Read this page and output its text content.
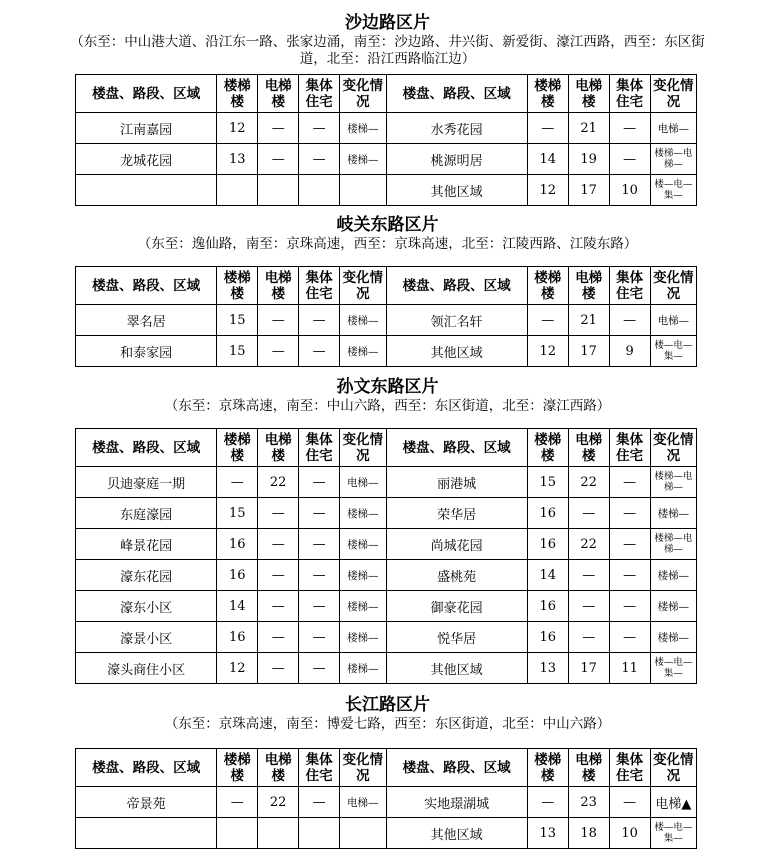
沙边路区片
（东至：中山港大道、沿江东一路、张家边涌，南至：沙边路、井兴街、新爱街、濠江西路，西至：东区街道，北至：沿江西路临江边）
楼盘、路段、区域	楼梯楼	电梯楼	集体住宅	变化情况	楼盘、路段、区域	楼梯楼	电梯楼	集体住宅	变化情况
江南嘉园	12	—	—	楼梯—	水秀花园	—	21	—	电梯—
龙城花园	13	—	—	楼梯—	桃源明居	14	19	—	楼梯—电梯—
					其他区域	12	17	10	楼—电—集—
岐关东路区片
（东至：逸仙路，南至：京珠高速，西至：京珠高速，北至：江陵西路、江陵东路）
楼盘、路段、区域	楼梯楼	电梯楼	集体住宅	变化情况	楼盘、路段、区域	楼梯楼	电梯楼	集体住宅	变化情况
翠名居	15	—	—	楼梯—	领汇名轩	—	21	—	电梯—
和泰家园	15	—	—	楼梯—	其他区域	12	17	9	楼—电—集—
孙文东路区片
（东至：京珠高速，南至：中山六路，西至：东区街道，北至：濠江西路）
楼盘、路段、区域	楼梯楼	电梯楼	集体住宅	变化情况	楼盘、路段、区域	楼梯楼	电梯楼	集体住宅	变化情况
贝迪豪庭一期	—	22	—	电梯—	丽港城	15	22	—	楼梯—电梯—
东庭濠园	15	—	—	楼梯—	荣华居	16	—	—	楼梯—
峰景花园	16	—	—	楼梯—	尚城花园	16	22	—	楼梯—电梯—
濠东花园	16	—	—	楼梯—	盛桃苑	14	—	—	楼梯—
濠东小区	14	—	—	楼梯—	御豪花园	16	—	—	楼梯—
濠景小区	16	—	—	楼梯—	悦华居	16	—	—	楼梯—
濠头商住小区	12	—	—	楼梯—	其他区域	13	17	11	楼—电—集—
长江路区片
（东至：京珠高速，南至：博爱七路，西至：东区街道，北至：中山六路）
楼盘、路段、区域	楼梯楼	电梯楼	集体住宅	变化情况	楼盘、路段、区域	楼梯楼	电梯楼	集体住宅	变化情况
帝景苑	—	22	—	电梯—	实地璟湖城	—	23	—	电梯▲
					其他区域	13	18	10	楼—电—集—
